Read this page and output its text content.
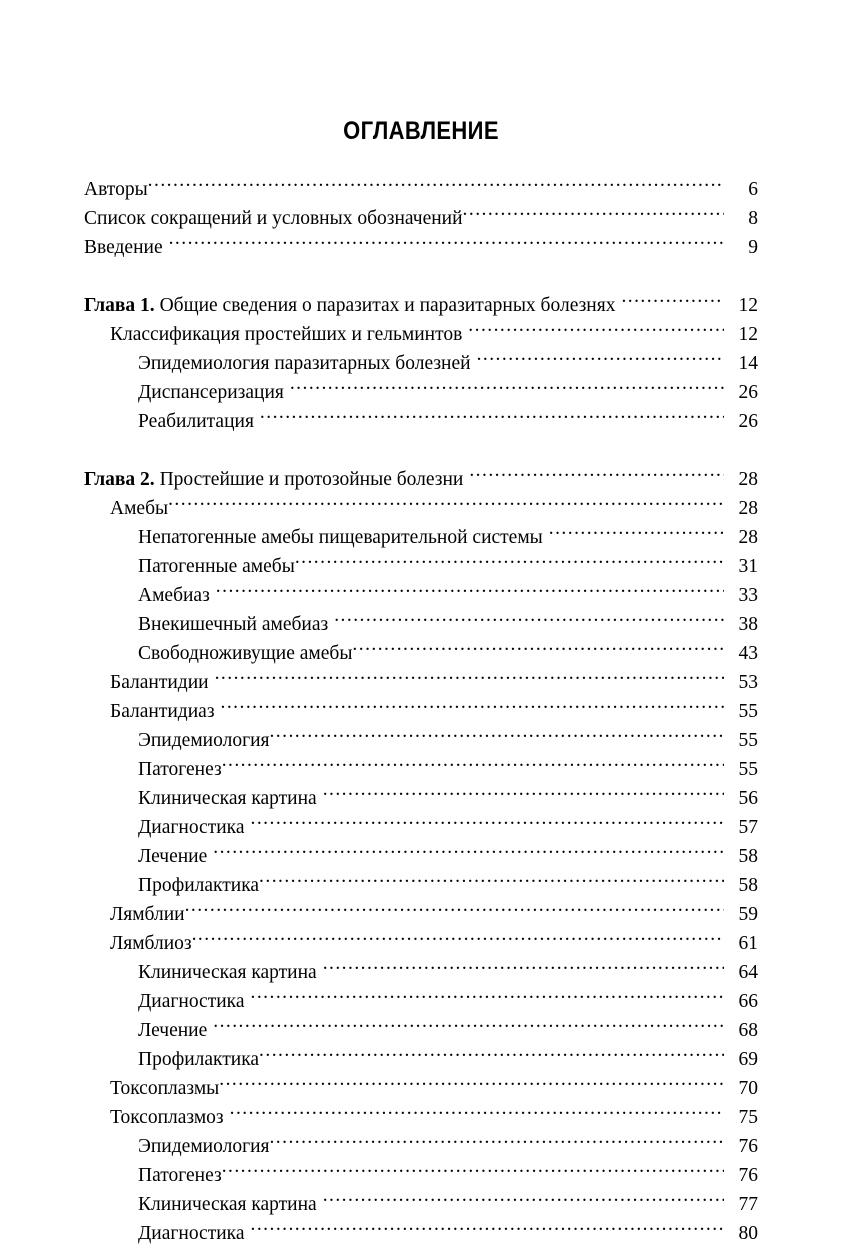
ОГЛАВЛЕНИЕ
Авторы .....	6
Список сокращений и условных обозначений .....	8
Введение .....	9
Глава 1. Общие сведения о паразитах и паразитарных болезнях .....	12
Классификация простейших и гельминтов .....	12
Эпидемиология паразитарных болезней .....	14
Диспансеризация .....	26
Реабилитация .....	26
Глава 2. Простейшие и протозойные болезни .....	28
Амебы .....	28
Непатогенные амебы пищеварительной системы .....	28
Патогенные амебы .....	31
Амебиаз .....	33
Внекишечный амебиаз .....	38
Свободноживущие амебы .....	43
Балантидии .....	53
Балантидиаз .....	55
Эпидемиология .....	55
Патогенез .....	55
Клиническая картина .....	56
Диагностика .....	57
Лечение .....	58
Профилактика .....	58
Лямблии .....	59
Лямблиоз .....	61
Клиническая картина .....	64
Диагностика .....	66
Лечение .....	68
Профилактика .....	69
Токсоплазмы .....	70
Токсоплазмоз .....	75
Эпидемиология .....	76
Патогенез .....	76
Клиническая картина .....	77
Диагностика .....	80
